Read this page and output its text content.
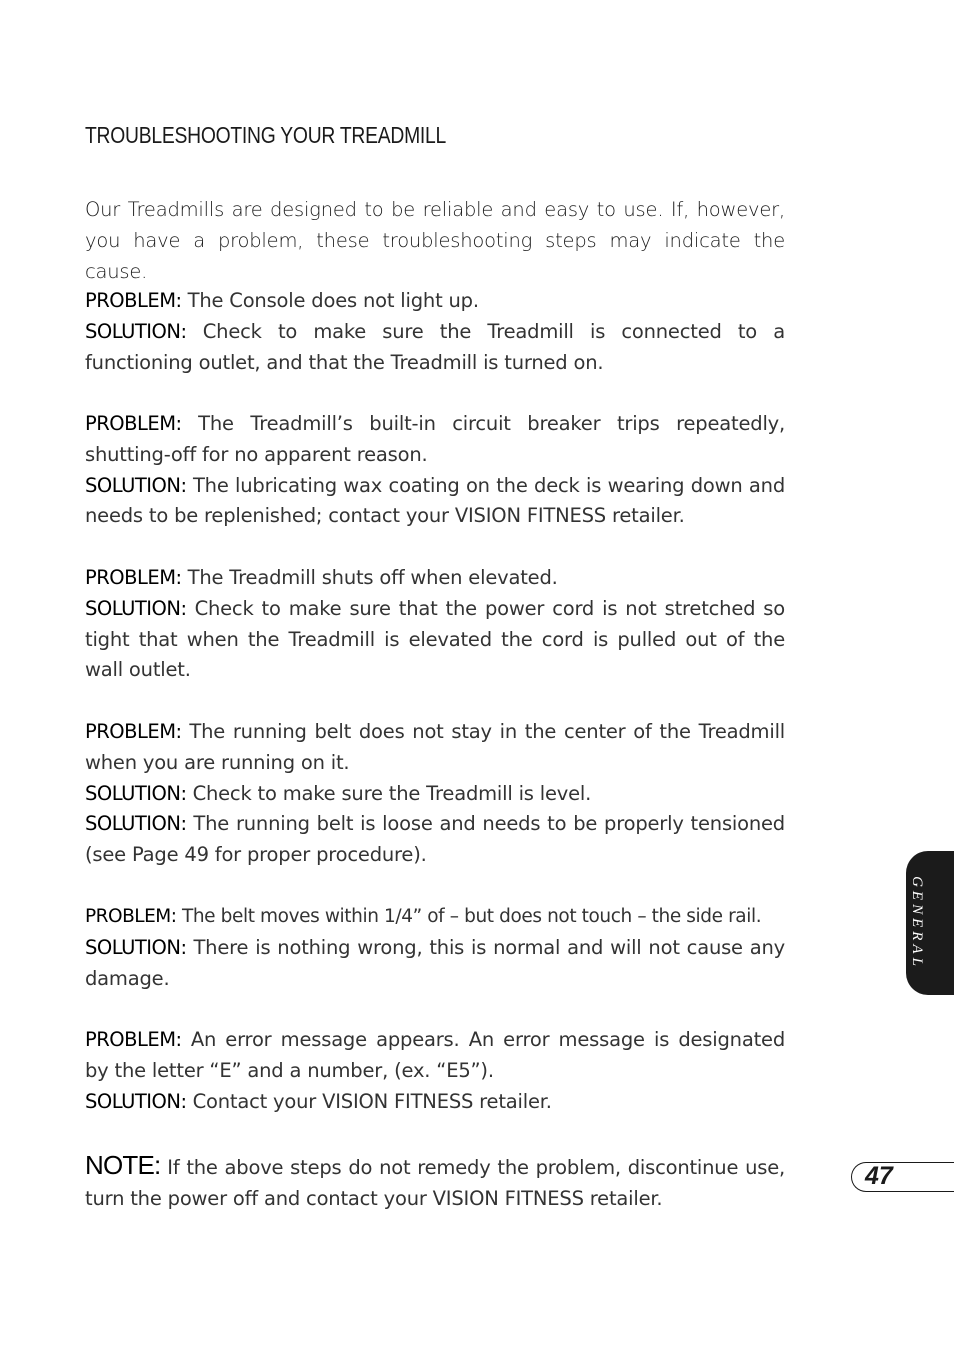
TROUBLESHOOTING YOUR TREADMILL

Our Treadmills are designed to be reliable and easy to use. If, however, you have a problem, these troubleshooting steps may indicate the cause.

PROBLEM: The Console does not light up.

SOLUTION: Check to make sure the Treadmill is connected to a functioning outlet, and that the Treadmill is turned on.

PROBLEM: The Treadmill’s built-in circuit breaker trips repeatedly, shutting-off for no apparent reason.

SOLUTION: The lubricating wax coating on the deck is wearing down and needs to be replenished; contact your VISION FITNESS retailer.

PROBLEM: The Treadmill shuts off when elevated.

SOLUTION: Check to make sure that the power cord is not stretched so tight that when the Treadmill is elevated the cord is pulled out of the wall outlet.

PROBLEM: The running belt does not stay in the center of the Treadmill when you are running on it.

SOLUTION: Check to make sure the Treadmill is level.

SOLUTION: The running belt is loose and needs to be properly tensioned (see Page 49 for proper procedure).

PROBLEM: The belt moves within 1/4” of – but does not touch – the side rail.

SOLUTION: There is nothing wrong, this is normal and will not cause any damage.

PROBLEM: An error message appears. An error message is designated by the letter “E” and a number, (ex. “E5”).

SOLUTION: Contact your VISION FITNESS retailer.

NOTE: If the above steps do not remedy the problem, discontinue use, turn the power off and contact your VISION FITNESS retailer.

GENERAL
47
